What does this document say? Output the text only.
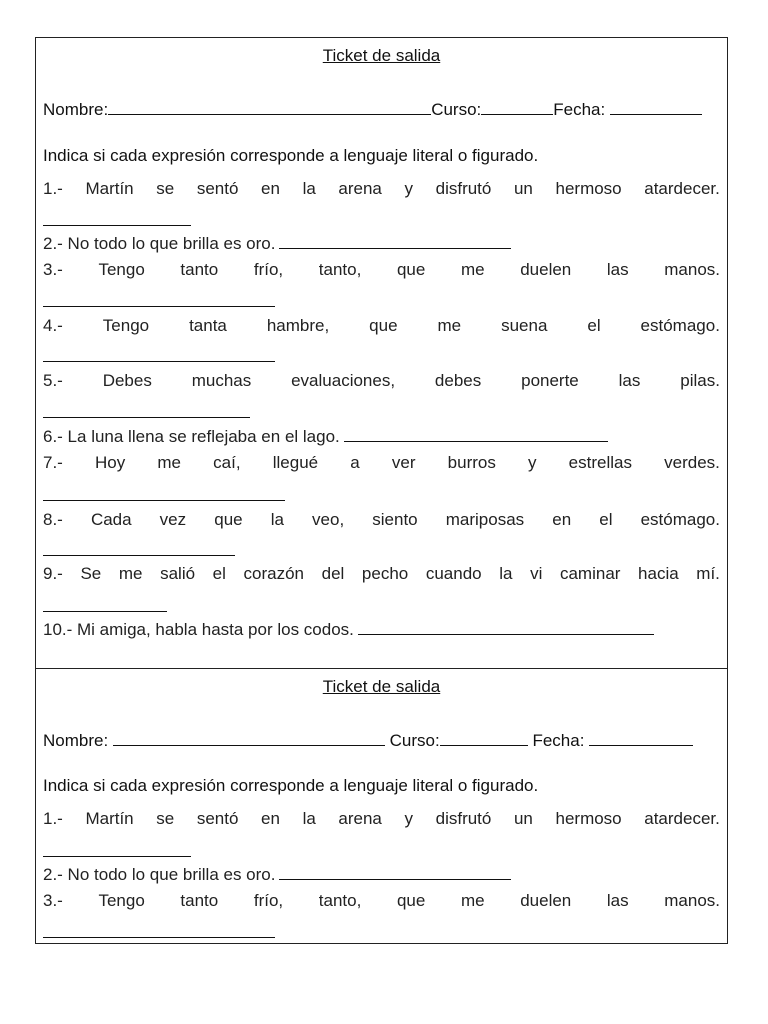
Ticket de salida
Nombre:	Curso:	Fecha:
Indica si cada expresión corresponde a lenguaje literal o figurado.
1.- Martín se sentó en la arena y disfrutó un hermoso atardecer.
2.- No todo lo que brilla es oro.
3.- Tengo tanto frío, tanto, que me duelen las manos.
4.- Tengo tanta hambre, que me suena el estómago.
5.- Debes muchas evaluaciones, debes ponerte las pilas.
6.- La luna llena se reflejaba en el lago.
7.- Hoy me caí, llegué a ver burros y estrellas verdes.
8.- Cada vez que la veo, siento mariposas en el estómago.
9.- Se me salió el corazón del pecho cuando la vi caminar hacia mí.
10.- Mi amiga, habla hasta por los codos.
Ticket de salida
Nombre:	Curso:	Fecha:
Indica si cada expresión corresponde a lenguaje literal o figurado.
1.- Martín se sentó en la arena y disfrutó un hermoso atardecer.
2.- No todo lo que brilla es oro.
3.- Tengo tanto frío, tanto, que me duelen las manos.
